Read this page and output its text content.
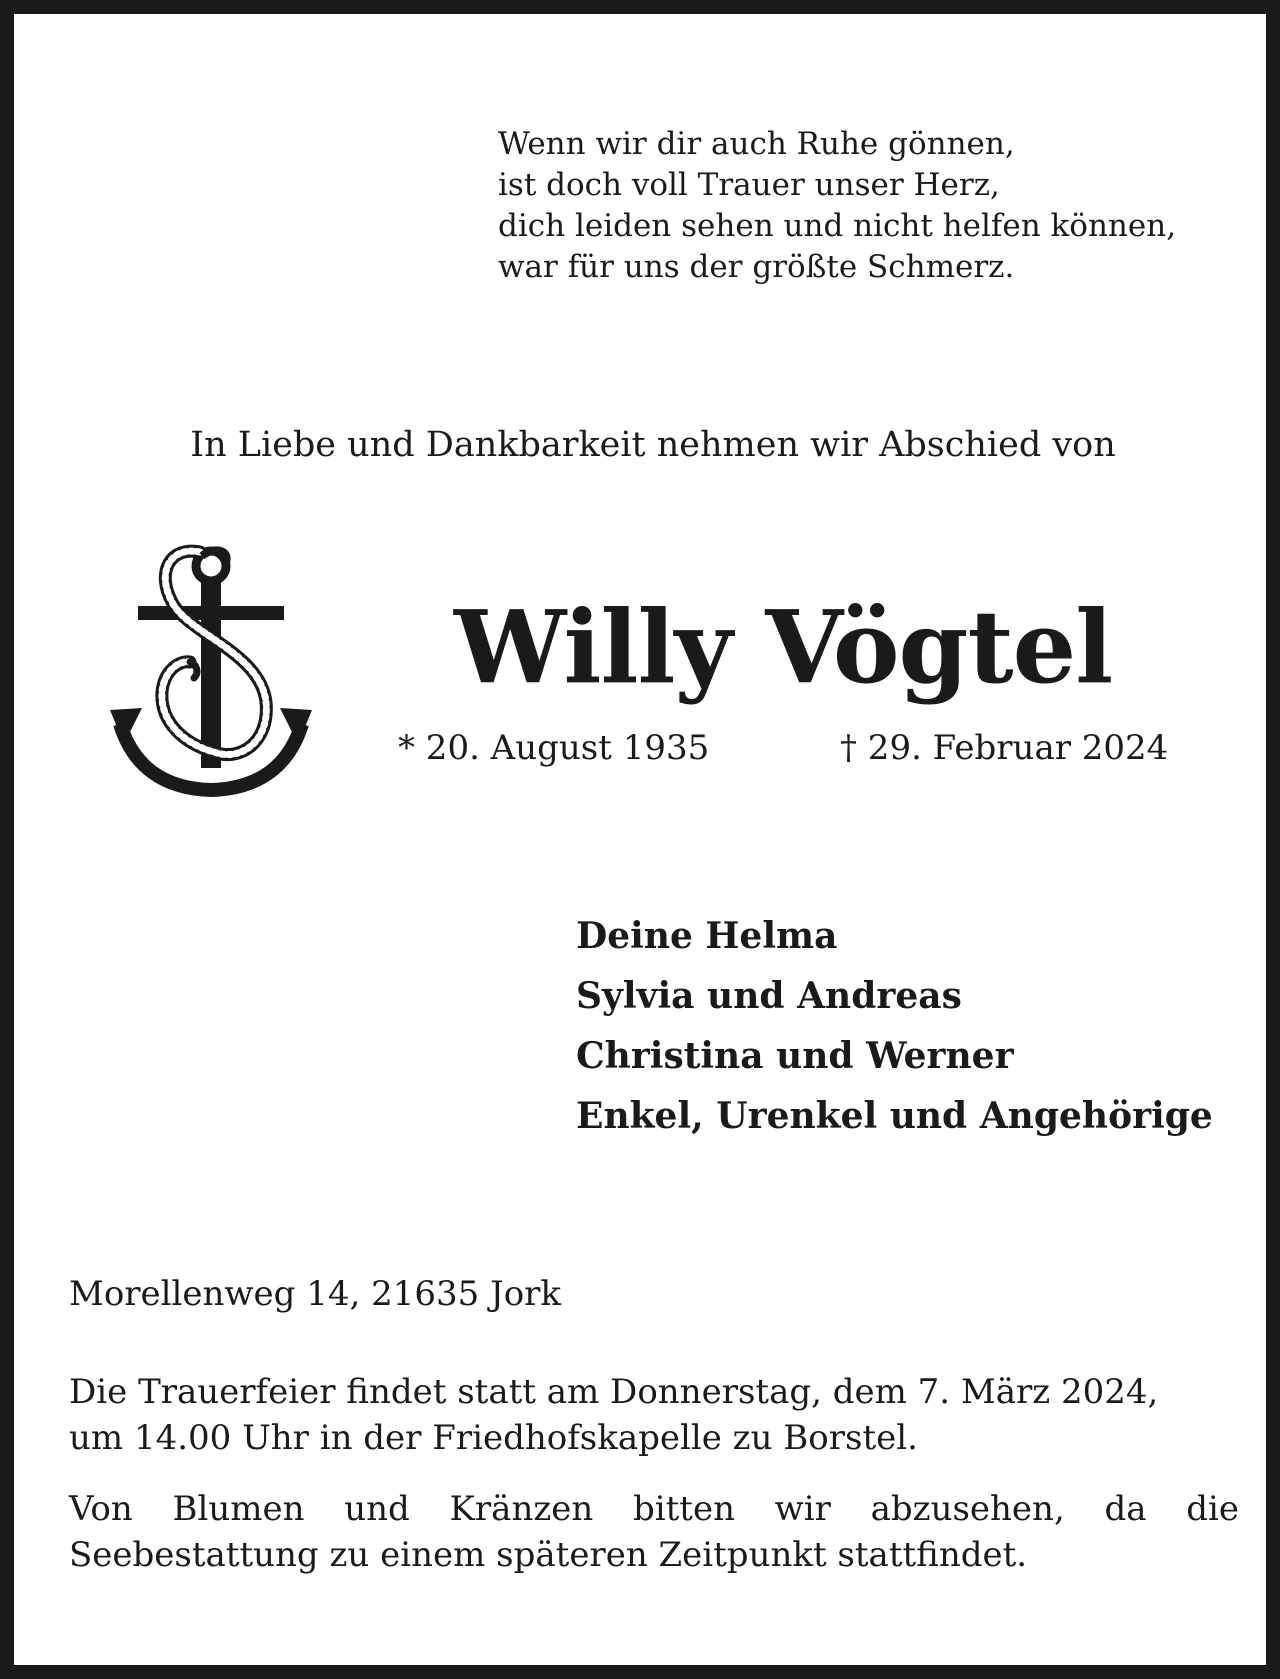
Wenn wir dir auch Ruhe gönnen,
ist doch voll Trauer unser Herz,
dich leiden sehen und nicht helfen können,
war für uns der größte Schmerz.
In Liebe und Dankbarkeit nehmen wir Abschied von
Willy Vögtel
* 20. August 1935	† 29. Februar 2024
Deine Helma
Sylvia und Andreas
Christina und Werner
Enkel, Urenkel und Angehörige
Morellenweg 14, 21635 Jork
Die Trauerfeier findet statt am Donnerstag, dem 7. März 2024,
um 14.00 Uhr in der Friedhofskapelle zu Borstel.
Von Blumen und Kränzen bitten wir abzusehen, da die
Seebestattung zu einem späteren Zeitpunkt stattfindet.
